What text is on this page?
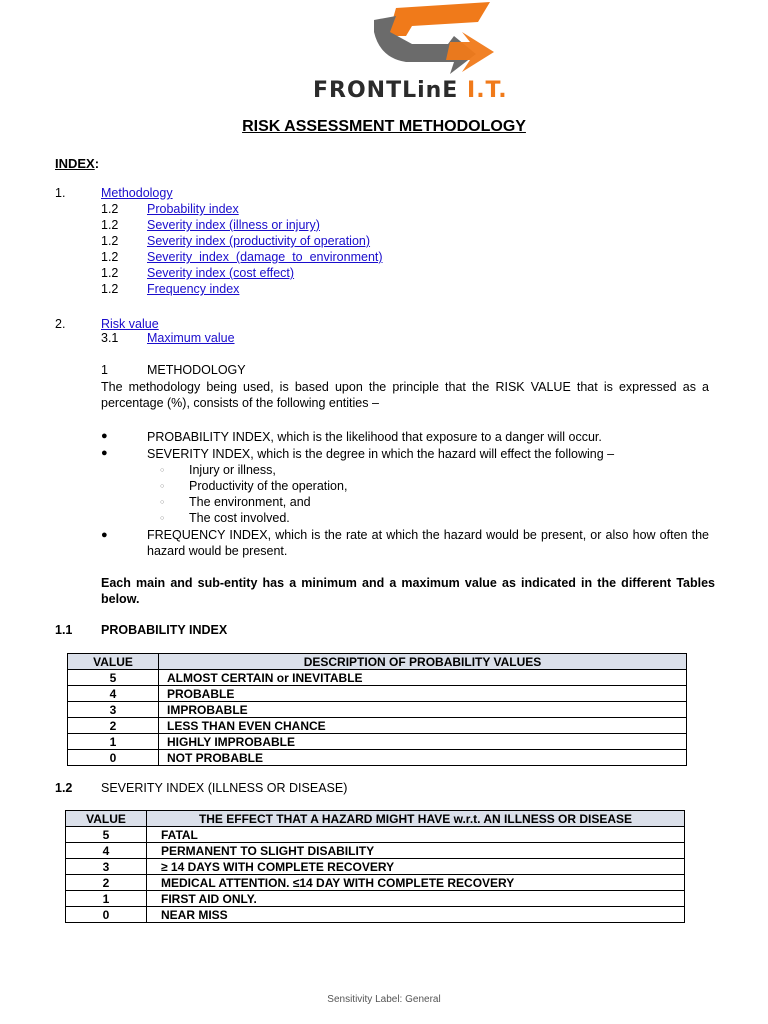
FRONTLinE I.T.
RISK ASSESSMENT METHODOLOGY
INDEX:
1.	Methodology
1.2 Probability index
1.2 Severity index (illness or injury)
1.2 Severity index (productivity of operation)
1.2 Severity  index  (damage  to  environment)
1.2 Severity index (cost effect)
1.2 Frequency index
2.	Risk value
3.1 Maximum value
1	METHODOLOGY
The methodology being used, is based upon the principle that the RISK VALUE that is expressed as a percentage (%), consists of the following entities –
●	PROBABILITY INDEX, which is the likelihood that exposure to a danger will occur.
●	SEVERITY INDEX, which is the degree in which the hazard will effect the following –
○ Injury or illness,
○ Productivity of the operation,
○ The environment, and
○ The cost involved.
●	FREQUENCY INDEX, which is the rate at which the hazard would be present, or also how often the hazard would be present.
Each main and sub-entity has a minimum and a maximum value as indicated in the different Tables below.
1.1 PROBABILITY INDEX
VALUE	DESCRIPTION OF PROBABILITY VALUES
5	ALMOST CERTAIN or INEVITABLE
4	PROBABLE
3	IMPROBABLE
2	LESS THAN EVEN CHANCE
1	HIGHLY IMPROBABLE
0	NOT PROBABLE
1.2 SEVERITY INDEX (ILLNESS OR DISEASE)
VALUE	THE EFFECT THAT A HAZARD MIGHT HAVE w.r.t. AN ILLNESS OR DISEASE
5	FATAL
4	PERMANENT TO SLIGHT DISABILITY
3	≥ 14 DAYS WITH COMPLETE RECOVERY
2	MEDICAL ATTENTION. ≤14 DAY WITH COMPLETE RECOVERY
1	FIRST AID ONLY.
0	NEAR MISS
Sensitivity Label: General
